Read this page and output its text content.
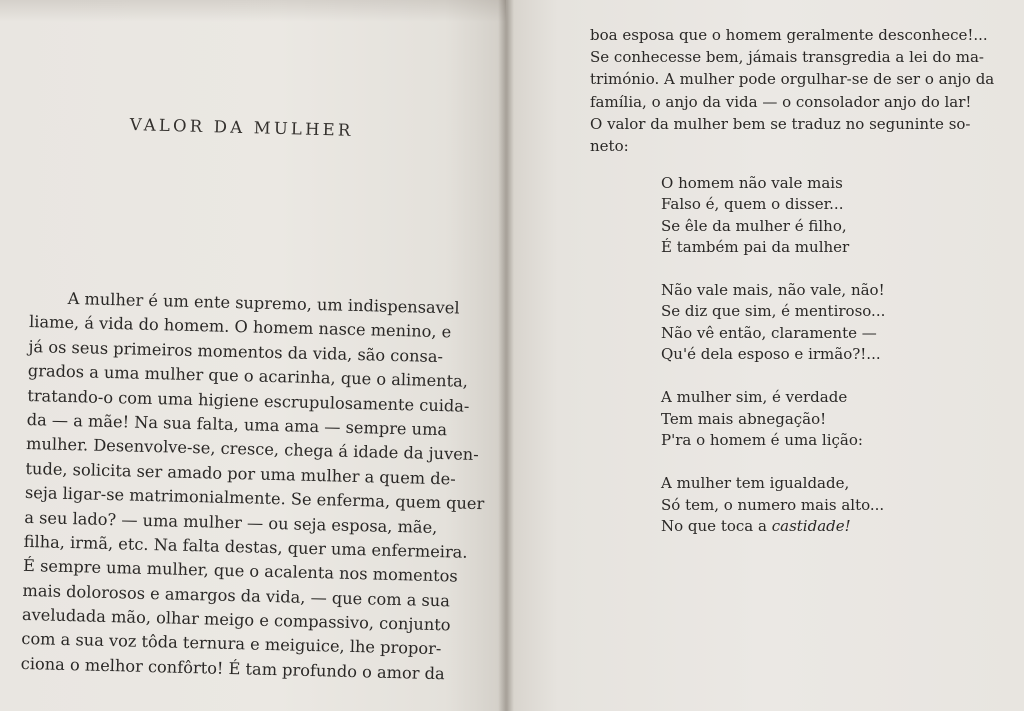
VALOR DA MULHER
A mulher é um ente supremo, um indispensavel
liame, á vida do homem. O homem nasce menino, e
já os seus primeiros momentos da vida, são consa-
grados a uma mulher que o acarinha, que o alimenta,
tratando-o com uma higiene escrupulosamente cuida-
da — a mãe! Na sua falta, uma ama — sempre uma
mulher. Desenvolve-se, cresce, chega á idade da juven-
tude, solicita ser amado por uma mulher a quem de-
seja ligar-se matrimonialmente. Se enferma, quem quer
a seu lado? — uma mulher — ou seja esposa, mãe,
filha, irmã, etc. Na falta destas, quer uma enfermeira.
É sempre uma mulher, que o acalenta nos momentos
mais dolorosos e amargos da vida, — que com a sua
aveludada mão, olhar meigo e compassivo, conjunto
com a sua voz tôda ternura e meiguice, lhe propor-
ciona o melhor confôrto! É tam profundo o amor da
boa esposa que o homem geralmente desconhece!...
Se conhecesse bem, jámais transgredia a lei do ma-
trimónio. A mulher pode orgulhar-se de ser o anjo da
família, o anjo da vida — o consolador anjo do lar!
O valor da mulher bem se traduz no seguninte so-
neto:
O homem não vale mais
Falso é, quem o disser...
Se êle da mulher é filho,
É também pai da mulher
Não vale mais, não vale, não!
Se diz que sim, é mentiroso...
Não vê então, claramente —
Qu'é dela esposo e irmão?!...
A mulher sim, é verdade
Tem mais abnegação!
P'ra o homem é uma lição:
A mulher tem igualdade,
Só tem, o numero mais alto...
No que toca a castidade!
